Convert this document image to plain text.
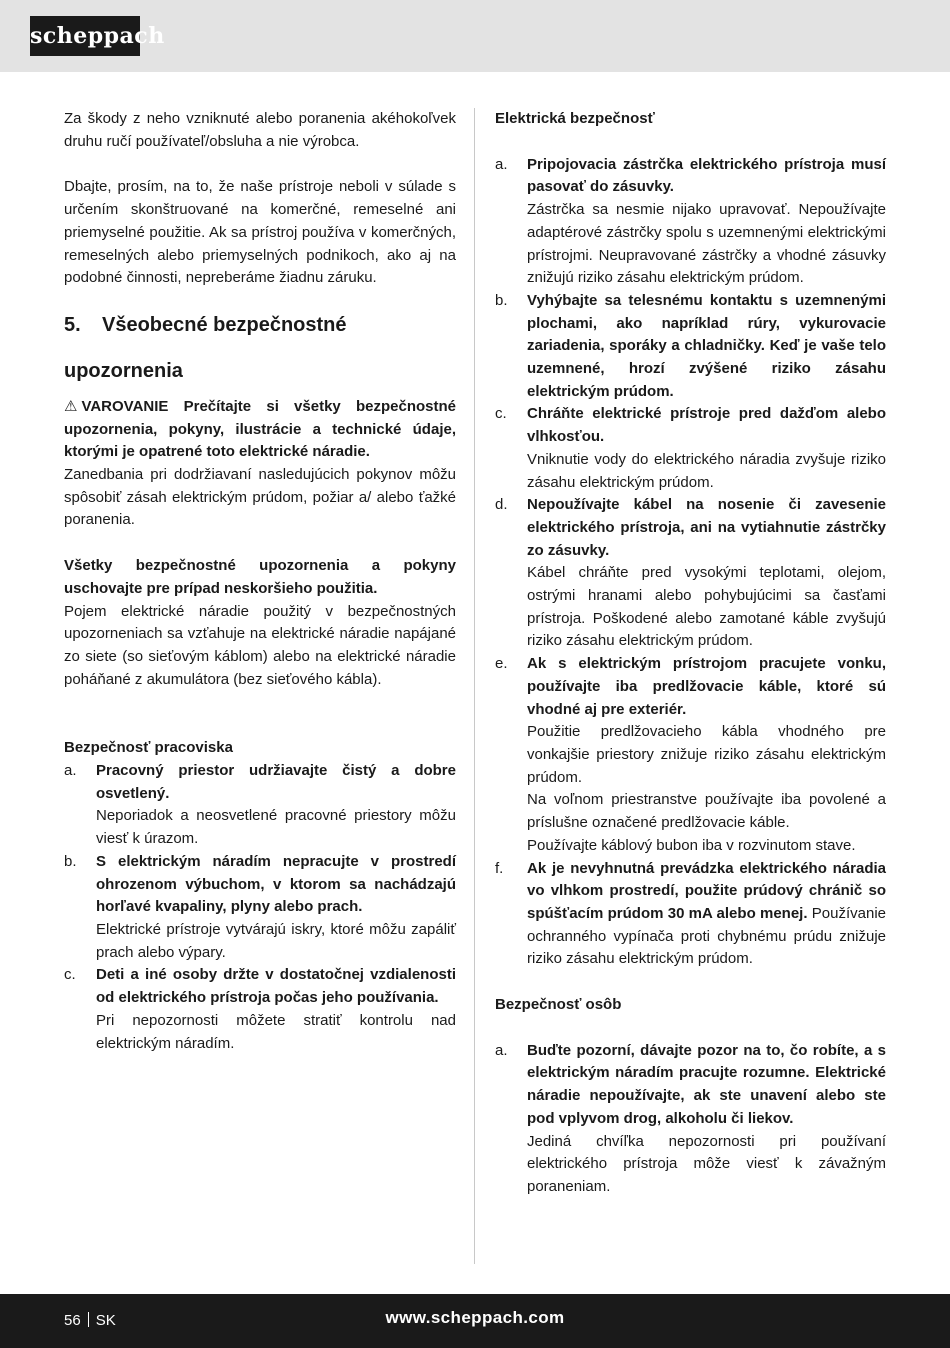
scheppach

Za škody z neho vzniknuté alebo poranenia akéhokoľvek druhu ručí používateľ/obsluha a nie výrobca.

Dbajte, prosím, na to, že naše prístroje neboli v súlade s určením skonštruované na komerčné, remeselné ani priemyselné použitie. Ak sa prístroj používa v komerčných, remeselných alebo priemyselných podnikoch, ako aj na podobné činnosti, nepreberáme žiadnu záruku.

5. Všeobecné bezpečnostné
upozornenia

⚠ VAROVANIE Prečítajte si všetky bezpečnostné upozornenia, pokyny, ilustrácie a technické údaje, ktorými je opatrené toto elektrické náradie.

Zanedbania pri dodržiavaní nasledujúcich pokynov môžu spôsobiť zásah elektrickým prúdom, požiar a/ alebo ťažké poranenia.

Všetky bezpečnostné upozornenia a pokyny uschovajte pre prípad neskoršieho použitia.

Pojem elektrické náradie použitý v bezpečnostných upozorneniach sa vzťahuje na elektrické náradie napájané zo siete (so sieťovým káblom) alebo na elektrické náradie poháňané z akumulátora (bez sieťového kábla).

Bezpečnosť pracoviska

a.	Pracovný priestor udržiavajte čistý a dobre osvetlený.

Neporiadok a neosvetlené pracovné priestory môžu viesť k úrazom.

b.	S elektrickým náradím nepracujte v prostredí ohrozenom výbuchom, v ktorom sa nachádzajú horľavé kvapaliny, plyny alebo prach.

Elektrické prístroje vytvárajú iskry, ktoré môžu zapáliť prach alebo výpary.

c.	Deti a iné osoby držte v dostatočnej vzdialenosti od elektrického prístroja počas jeho používania.

Pri nepozornosti môžete stratiť kontrolu nad elektrickým náradím.

Elektrická bezpečnosť

a.	Pripojovacia zástrčka elektrického prístroja musí pasovať do zásuvky.

Zástrčka sa nesmie nijako upravovať. Nepoužívajte adaptérové zástrčky spolu s uzemnenými elektrickými prístrojmi. Neupravované zástrčky a vhodné zásuvky znižujú riziko zásahu elektrickým prúdom.

b.	Vyhýbajte sa telesnému kontaktu s uzemnenými plochami, ako napríklad rúry, vykurovacie zariadenia, sporáky a chladničky. Keď je vaše telo uzemnené, hrozí zvýšené riziko zásahu elektrickým prúdom.

c.	Chráňte elektrické prístroje pred dažďom alebo vlhkosťou.

Vniknutie vody do elektrického náradia zvyšuje riziko zásahu elektrickým prúdom.

d.	Nepoužívajte kábel na nosenie či zavesenie elektrického prístroja, ani na vytiahnutie zástrčky zo zásuvky.

Kábel chráňte pred vysokými teplotami, olejom, ostrými hranami alebo pohybujúcimi sa časťami prístroja. Poškodené alebo zamotané káble zvyšujú riziko zásahu elektrickým prúdom.

e.	Ak s elektrickým prístrojom pracujete vonku, používajte iba predlžovacie káble, ktoré sú vhodné aj pre exteriér.

Použitie predlžovacieho kábla vhodného pre vonkajšie priestory znižuje riziko zásahu elektrickým prúdom.

Na voľnom priestranstve používajte iba povolené a príslušne označené predlžovacie káble.

Používajte káblový bubon iba v rozvinutom stave.

f.	Ak je nevyhnutná prevádzka elektrického náradia vo vlhkom prostredí, použite prúdový chránič so spúšťacím prúdom 30 mA alebo menej. Používanie ochranného vypínača proti chybnému prúdu znižuje riziko zásahu elektrickým prúdom.

Bezpečnosť osôb

a.	Buďte pozorní, dávajte pozor na to, čo robíte, a s elektrickým náradím pracujte rozumne. Elektrické náradie nepoužívajte, ak ste unavení alebo ste pod vplyvom drog, alkoholu či liekov.

Jediná chvíľka nepozornosti pri používaní elektrického prístroja môže viesť k závažným poraneniam.

56 SK	www.scheppach.com
